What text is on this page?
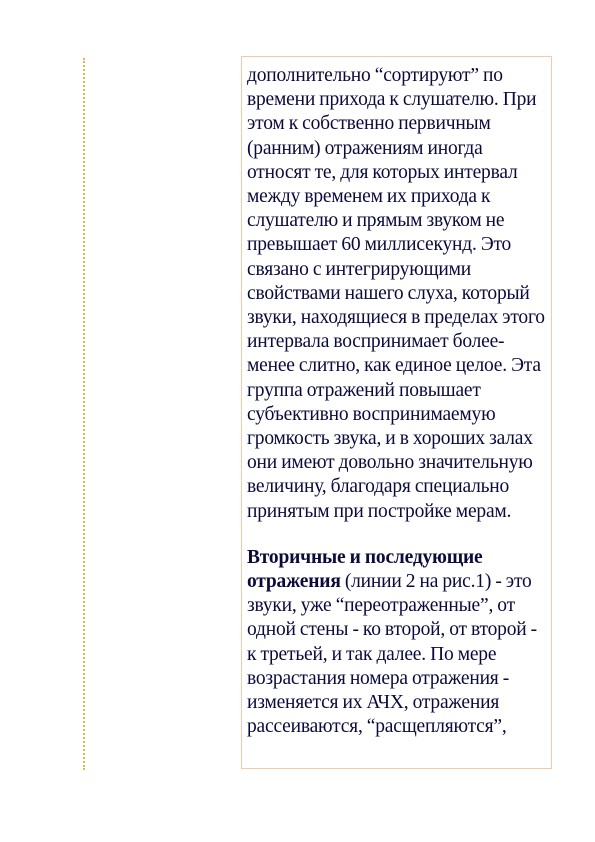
дополнительно “сортируют” по времени прихода к слушателю. При этом к собственно первичным (ранним) отражениям иногда относят те, для которых интервал между временем их прихода к слушателю и прямым звуком не превышает 60 миллисекунд. Это связано с интегрирующими свойствами нашего слуха, который звуки, находящиеся в пределах этого интервала воспринимает более-менее слитно, как единое целое. Эта группа отражений повышает субъективно воспринимаемую громкость звука, и в хороших залах они имеют довольно значительную величину, благодаря специально принятым при постройке мерам.

Вторичные и последующие отражения (линии 2 на рис.1) - это звуки, уже “переотраженные”, от одной стены - ко второй, от второй - к третьей, и так далее. По мере возрастания номера отражения - изменяется их АЧХ, отражения рассеиваются, “расщепляются”,
